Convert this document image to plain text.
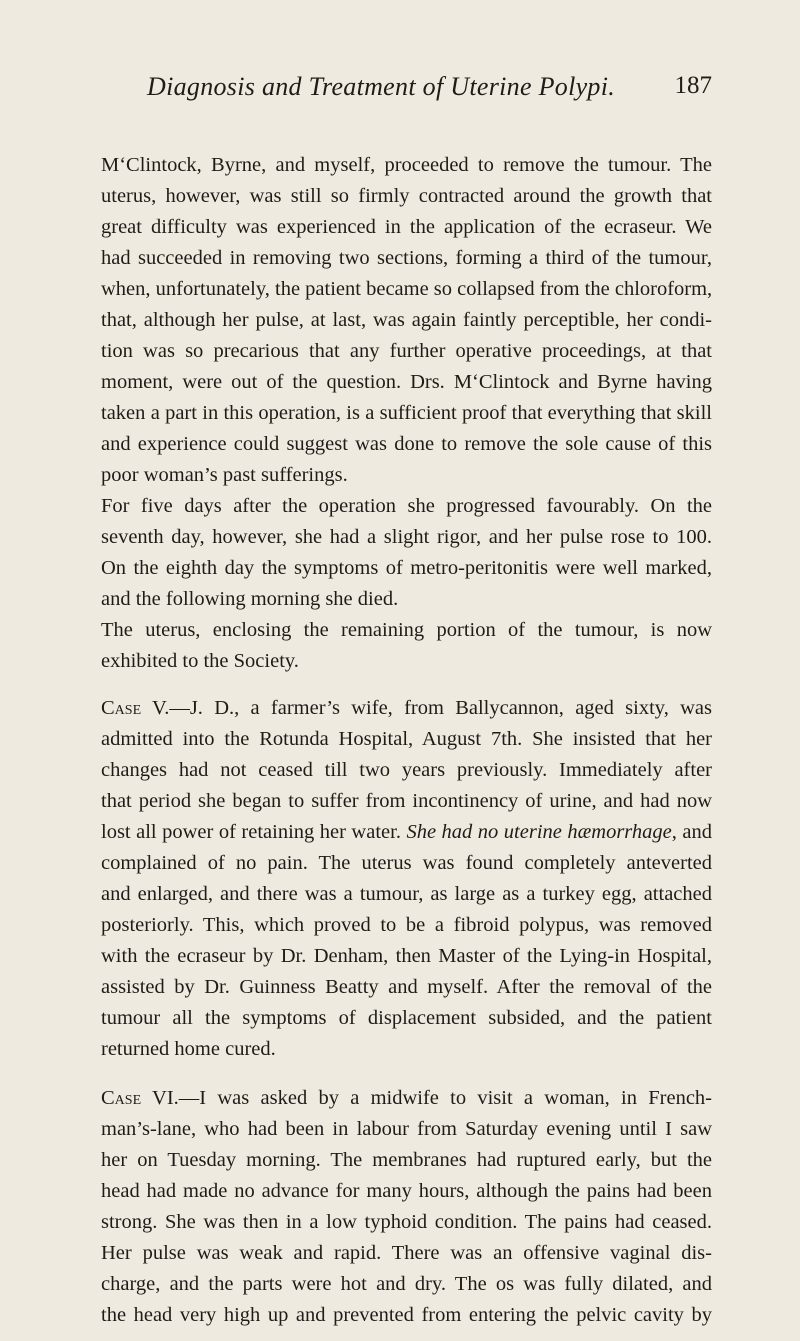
Diagnosis and Treatment of Uterine Polypi. 187
M‘Clintock, Byrne, and myself, proceeded to remove the tumour. The
uterus, however, was still so firmly contracted around the growth that
great difficulty was experienced in the application of the ecraseur. We
had succeeded in removing two sections, forming a third of the tumour,
when, unfortunately, the patient became so collapsed from the chloroform,
that, although her pulse, at last, was again faintly perceptible, her condi-
tion was so precarious that any further operative proceedings, at that
moment, were out of the question. Drs. M‘Clintock and Byrne having
taken a part in this operation, is a sufficient proof that everything that skill
and experience could suggest was done to remove the sole cause of this
poor woman’s past sufferings.
For five days after the operation she progressed favourably. On the
seventh day, however, she had a slight rigor, and her pulse rose to 100.
On the eighth day the symptoms of metro-peritonitis were well marked,
and the following morning she died.
The uterus, enclosing the remaining portion of the tumour, is now
exhibited to the Society.
Case V.—J. D., a farmer’s wife, from Ballycannon, aged sixty, was
admitted into the Rotunda Hospital, August 7th. She insisted that her
changes had not ceased till two years previously. Immediately after
that period she began to suffer from incontinency of urine, and had now
lost all power of retaining her water. She had no uterine hæmorrhage, and
complained of no pain. The uterus was found completely anteverted
and enlarged, and there was a tumour, as large as a turkey egg, attached
posteriorly. This, which proved to be a fibroid polypus, was removed
with the ecraseur by Dr. Denham, then Master of the Lying-in Hospital,
assisted by Dr. Guinness Beatty and myself. After the removal of the
tumour all the symptoms of displacement subsided, and the patient
returned home cured.
Case VI.—I was asked by a midwife to visit a woman, in French-
man’s-lane, who had been in labour from Saturday evening until I saw
her on Tuesday morning. The membranes had ruptured early, but the
head had made no advance for many hours, although the pains had been
strong. She was then in a low typhoid condition. The pains had ceased.
Her pulse was weak and rapid. There was an offensive vaginal dis-
charge, and the parts were hot and dry. The os was fully dilated, and
the head very high up and prevented from entering the pelvic cavity by
